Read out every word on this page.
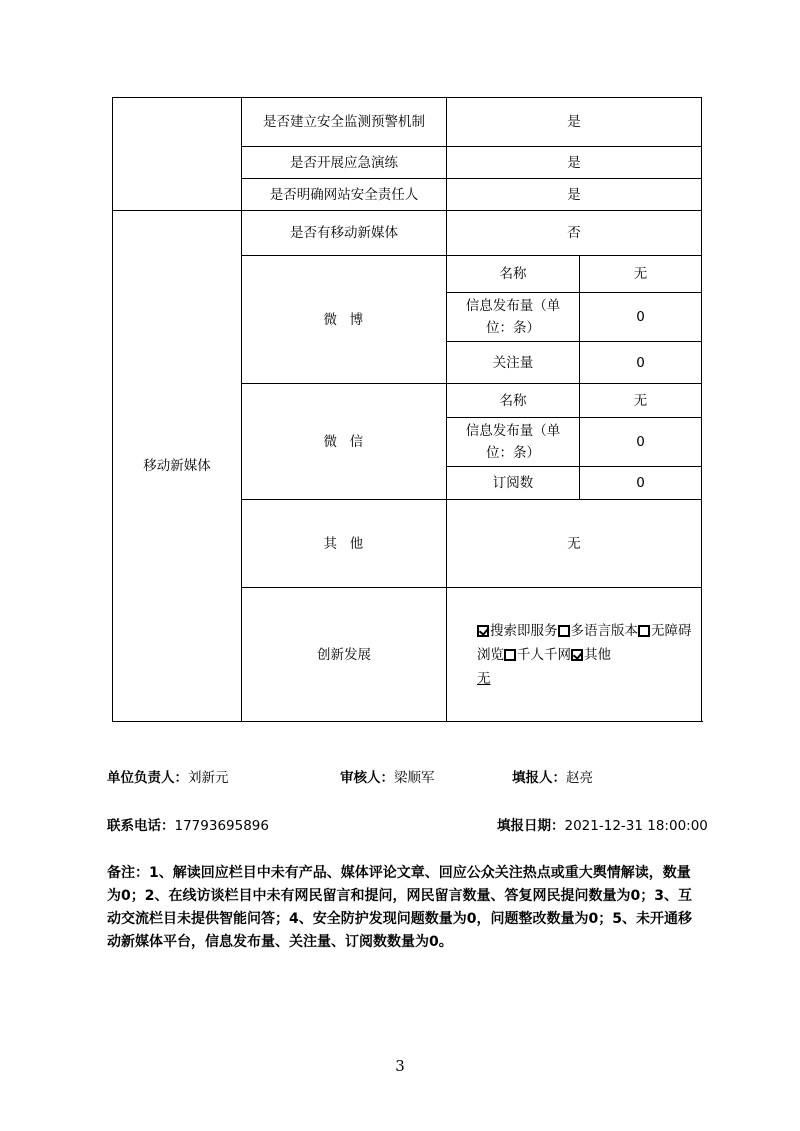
	是否建立安全监测预警机制	是	
	是否开展应急演练	是	
	是否明确网站安全责任人	是	
移动新媒体	是否有移动新媒体	否	
	微  博	名称	无
		信息发布量（单位：条）	0
		关注量	0
	微  信	名称	无
		信息发布量（单位：条）	0
		订阅数	0
	其  他	无	
	创新发展	搜索即服务 多语言版本 无障碍浏览 千人千网 其他
无	
单位负责人：刘新元	审核人：梁顺军	填报人：赵亮
联系电话：17793695896	填报日期：2021-12-31 18:00:00
备注：1、解读回应栏目中未有产品、媒体评论文章、回应公众关注热点或重大舆情解读，数量为0；2、在线访谈栏目中未有网民留言和提问，网民留言数量、答复网民提问数量为0；3、互动交流栏目未提供智能问答；4、安全防护发现问题数量为0，问题整改数量为0；5、未开通移动新媒体平台，信息发布量、关注量、订阅数数量为0。
3
